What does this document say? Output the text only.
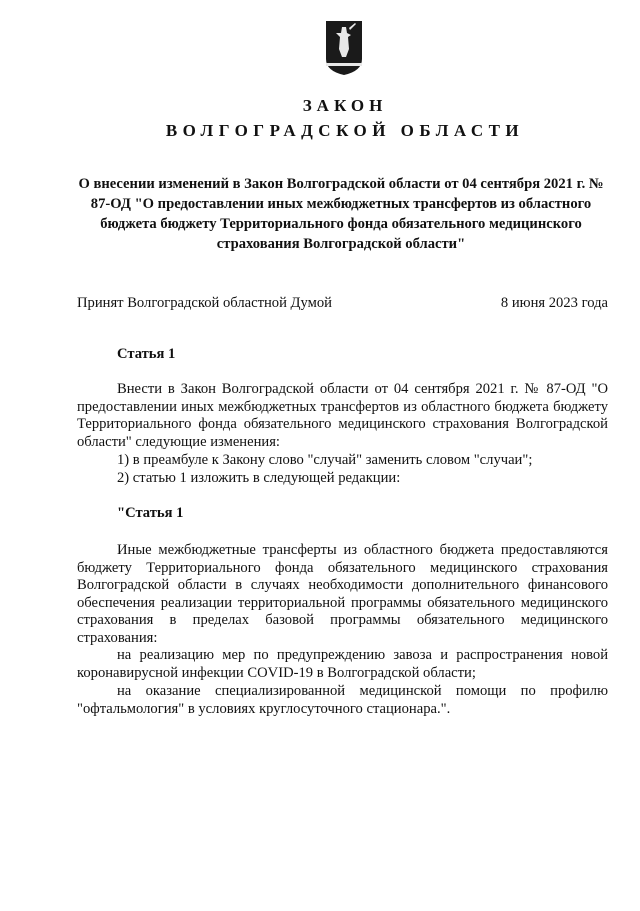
ЗАКОН
ВОЛГОГРАДСКОЙ ОБЛАСТИ
О внесении изменений в Закон Волгоградской области от 04 сентября 2021 г. № 87-ОД "О предоставлении иных межбюджетных трансфертов из областного бюджета бюджету Территориального фонда обязательного медицинского страхования Волгоградской области"
Принят Волгоградской областной Думой	8 июня 2023 года
Статья 1
Внести в Закон Волгоградской области от 04 сентября 2021 г. № 87-ОД "О предоставлении иных межбюджетных трансфертов из областного бюджета бюджету Территориального фонда обязательного медицинского страхования Волгоградской области" следующие изменения:
1) в преамбуле к Закону слово "случай" заменить словом "случаи";
2) статью 1 изложить в следующей редакции:
"Статья 1
Иные межбюджетные трансферты из областного бюджета предоставляются бюджету Территориального фонда обязательного медицинского страхования Волгоградской области в случаях необходимости дополнительного финансового обеспечения реализации территориальной программы обязательного медицинского страхования в пределах базовой программы обязательного медицинского страхования:
на реализацию мер по предупреждению завоза и распространения новой коронавирусной инфекции COVID-19 в Волгоградской области;
на оказание специализированной медицинской помощи по профилю "офтальмология" в условиях круглосуточного стационара.".
